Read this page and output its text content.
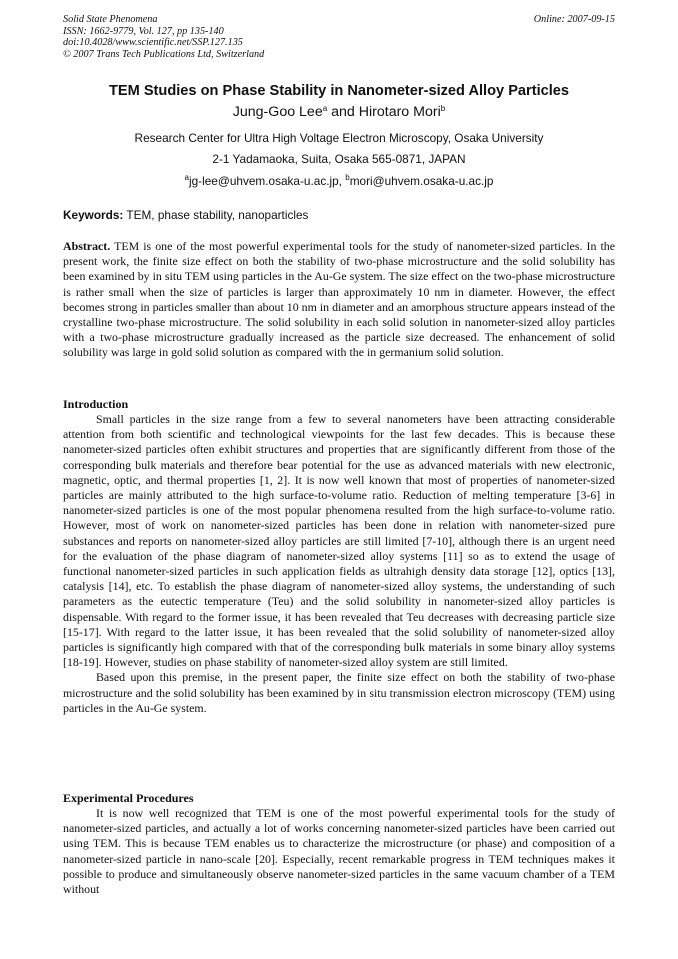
Solid State Phenomena
ISSN: 1662-9779, Vol. 127, pp 135-140
doi:10.4028/www.scientific.net/SSP.127.135
© 2007 Trans Tech Publications Ltd, Switzerland
Online: 2007-09-15
TEM Studies on Phase Stability in Nanometer-sized Alloy Particles
Jung-Goo Lee$^a$ and Hirotaro Mori$^b$
Research Center for Ultra High Voltage Electron Microscopy, Osaka University
2-1 Yadamaoka, Suita, Osaka 565-0871, JAPAN
$^a$jg-lee@uhvem.osaka-u.ac.jp, $^b$mori@uhvem.osaka-u.ac.jp
Keywords: TEM, phase stability, nanoparticles

Abstract. TEM is one of the most powerful experimental tools for the study of nanometer-sized particles. In the present work, the finite size effect on both the stability of two-phase microstructure and the solid solubility has been examined by in situ TEM using particles in the Au-Ge system. The size effect on the two-phase microstructure is rather small when the size of particles is larger than approximately 10 nm in diameter. However, the effect becomes strong in particles smaller than about 10 nm in diameter and an amorphous structure appears instead of the crystalline two-phase microstructure. The solid solubility in each solid solution in nanometer-sized alloy particles with a two-phase microstructure gradually increased as the particle size decreased. The enhancement of solid solubility was large in gold solid solution as compared with the in germanium solid solution.

Introduction

Small particles in the size range from a few to several nanometers have been attracting considerable attention from both scientific and technological viewpoints for the last few decades. This is because these nanometer-sized particles often exhibit structures and properties that are significantly different from those of the corresponding bulk materials and therefore bear potential for the use as advanced materials with new electronic, magnetic, optic, and thermal properties [1, 2]. It is now well known that most of properties of nanometer-sized particles are mainly attributed to the high surface-to-volume ratio. Reduction of melting temperature [3-6] in nanometer-sized particles is one of the most popular phenomena resulted from the high surface-to-volume ratio. However, most of work on nanometer-sized particles has been done in relation with nanometer-sized pure substances and reports on nanometer-sized alloy particles are still limited [7-10], although there is an urgent need for the evaluation of the phase diagram of nanometer-sized alloy systems [11] so as to extend the usage of functional nanometer-sized particles in such application fields as ultrahigh density data storage [12], optics [13], catalysis [14], etc. To establish the phase diagram of nanometer-sized alloy systems, the understanding of such parameters as the eutectic temperature (Teu) and the solid solubility in nanometer-sized alloy particles is dispensable. With regard to the former issue, it has been revealed that Teu decreases with decreasing particle size [15-17]. With regard to the latter issue, it has been revealed that the solid solubility of nanometer-sized alloy particles is significantly high compared with that of the corresponding bulk materials in some binary alloy systems [18-19]. However, studies on phase stability of nanometer-sized alloy system are still limited.

Based upon this premise, in the present paper, the finite size effect on both the stability of two-phase microstructure and the solid solubility has been examined by in situ transmission electron microscopy (TEM) using particles in the Au-Ge system.

Experimental Procedures

It is now well recognized that TEM is one of the most powerful experimental tools for the study of nanometer-sized particles, and actually a lot of works concerning nanometer-sized particles have been carried out using TEM. This is because TEM enables us to characterize the microstructure (or phase) and composition of a nanometer-sized particle in nano-scale [20]. Especially, recent remarkable progress in TEM techniques makes it possible to produce and simultaneously observe nanometer-sized particles in the same vacuum chamber of a TEM without
